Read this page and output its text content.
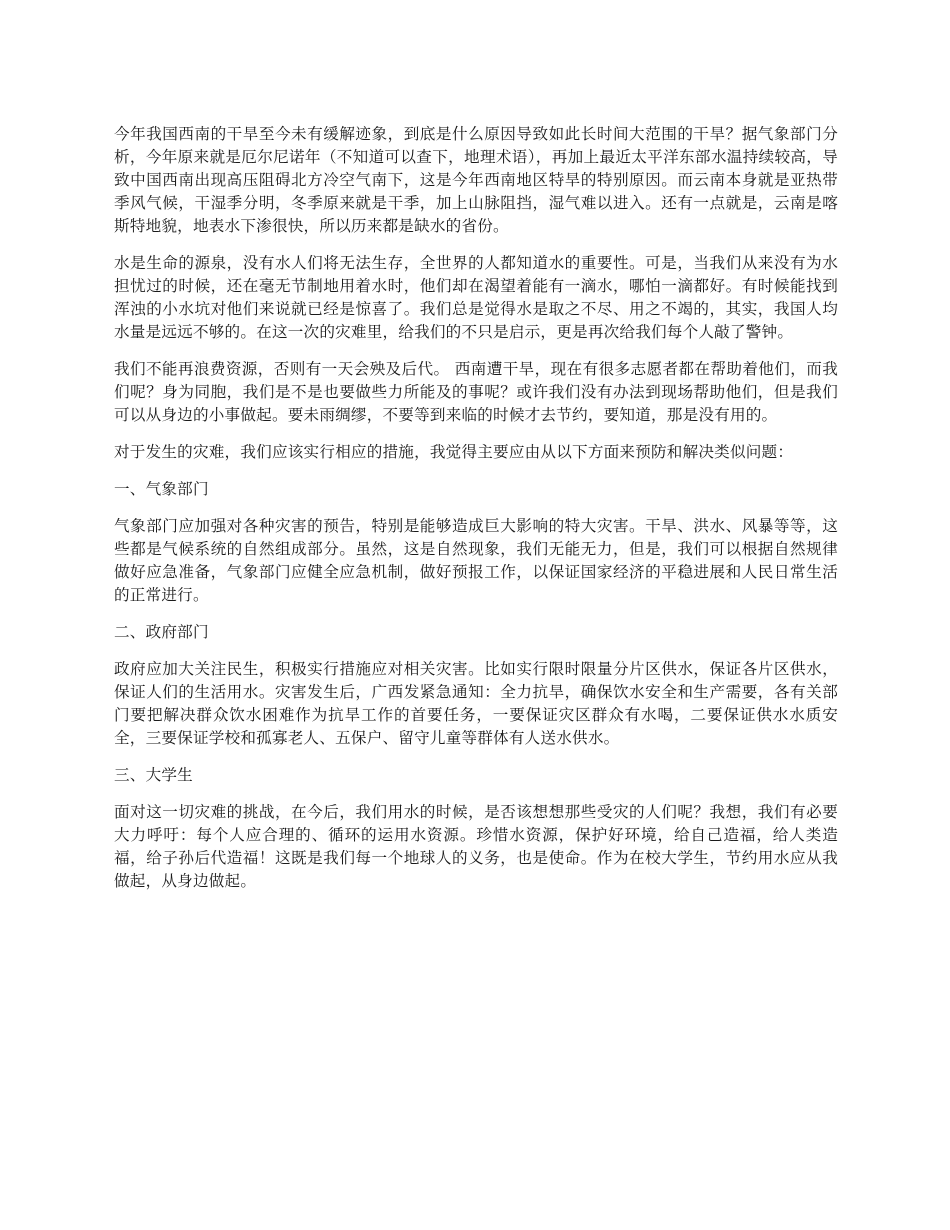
今年我国西南的干旱至今未有缓解迹象，到底是什么原因导致如此长时间大范围的干旱？据气象部门分析，今年原来就是厄尔尼诺年（不知道可以查下，地理术语），再加上最近太平洋东部水温持续较高，导致中国西南出现高压阻碍北方冷空气南下，这是今年西南地区特旱的特别原因。而云南本身就是亚热带季风气候，干湿季分明，冬季原来就是干季，加上山脉阻挡，湿气难以进入。还有一点就是，云南是喀斯特地貌，地表水下渗很快，所以历来都是缺水的省份。

水是生命的源泉，没有水人们将无法生存，全世界的人都知道水的重要性。可是，当我们从来没有为水担忧过的时候，还在毫无节制地用着水时，他们却在渴望着能有一滴水，哪怕一滴都好。有时候能找到浑浊的小水坑对他们来说就已经是惊喜了。我们总是觉得水是取之不尽、用之不竭的，其实，我国人均水量是远远不够的。在这一次的灾难里，给我们的不只是启示，更是再次给我们每个人敲了警钟。

我们不能再浪费资源，否则有一天会殃及后代。 西南遭干旱，现在有很多志愿者都在帮助着他们，而我们呢？身为同胞，我们是不是也要做些力所能及的事呢？或许我们没有办法到现场帮助他们，但是我们可以从身边的小事做起。要未雨绸缪，不要等到来临的时候才去节约，要知道，那是没有用的。

对于发生的灾难，我们应该实行相应的措施，我觉得主要应由从以下方面来预防和解决类似问题：

一、气象部门

气象部门应加强对各种灾害的预告，特别是能够造成巨大影响的特大灾害。干旱、洪水、风暴等等，这些都是气候系统的自然组成部分。虽然，这是自然现象，我们无能无力，但是，我们可以根据自然规律做好应急准备，气象部门应健全应急机制，做好预报工作，以保证国家经济的平稳进展和人民日常生活的正常进行。

二、政府部门

政府应加大关注民生，积极实行措施应对相关灾害。比如实行限时限量分片区供水，保证各片区供水，保证人们的生活用水。灾害发生后，广西发紧急通知：全力抗旱，确保饮水安全和生产需要，各有关部门要把解决群众饮水困难作为抗旱工作的首要任务，一要保证灾区群众有水喝，二要保证供水水质安全，三要保证学校和孤寡老人、五保户、留守儿童等群体有人送水供水。

三、大学生

面对这一切灾难的挑战，在今后，我们用水的时候，是否该想想那些受灾的人们呢？我想，我们有必要大力呼吁：每个人应合理的、循环的运用水资源。珍惜水资源，保护好环境，给自己造福，给人类造福，给子孙后代造福！这既是我们每一个地球人的义务，也是使命。作为在校大学生，节约用水应从我做起，从身边做起。
